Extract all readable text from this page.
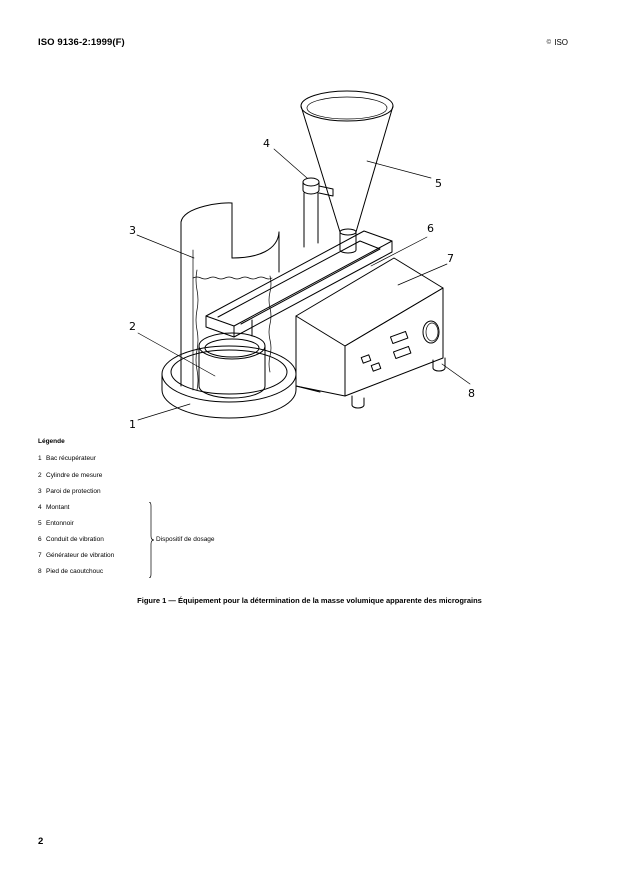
ISO 9136-2:1999(F)	© ISO
4
3
5
6
7
2
8
1
Légende
1 Bac récupérateur
2 Cylindre de mesure
3 Paroi de protection
4 Montant
5 Entonnoir
6 Conduit de vibration
7 Générateur de vibration
8 Pied de caoutchouc
Dispositif de dosage
Figure 1 — Équipement pour la détermination de la masse volumique apparente des micrograins
2
